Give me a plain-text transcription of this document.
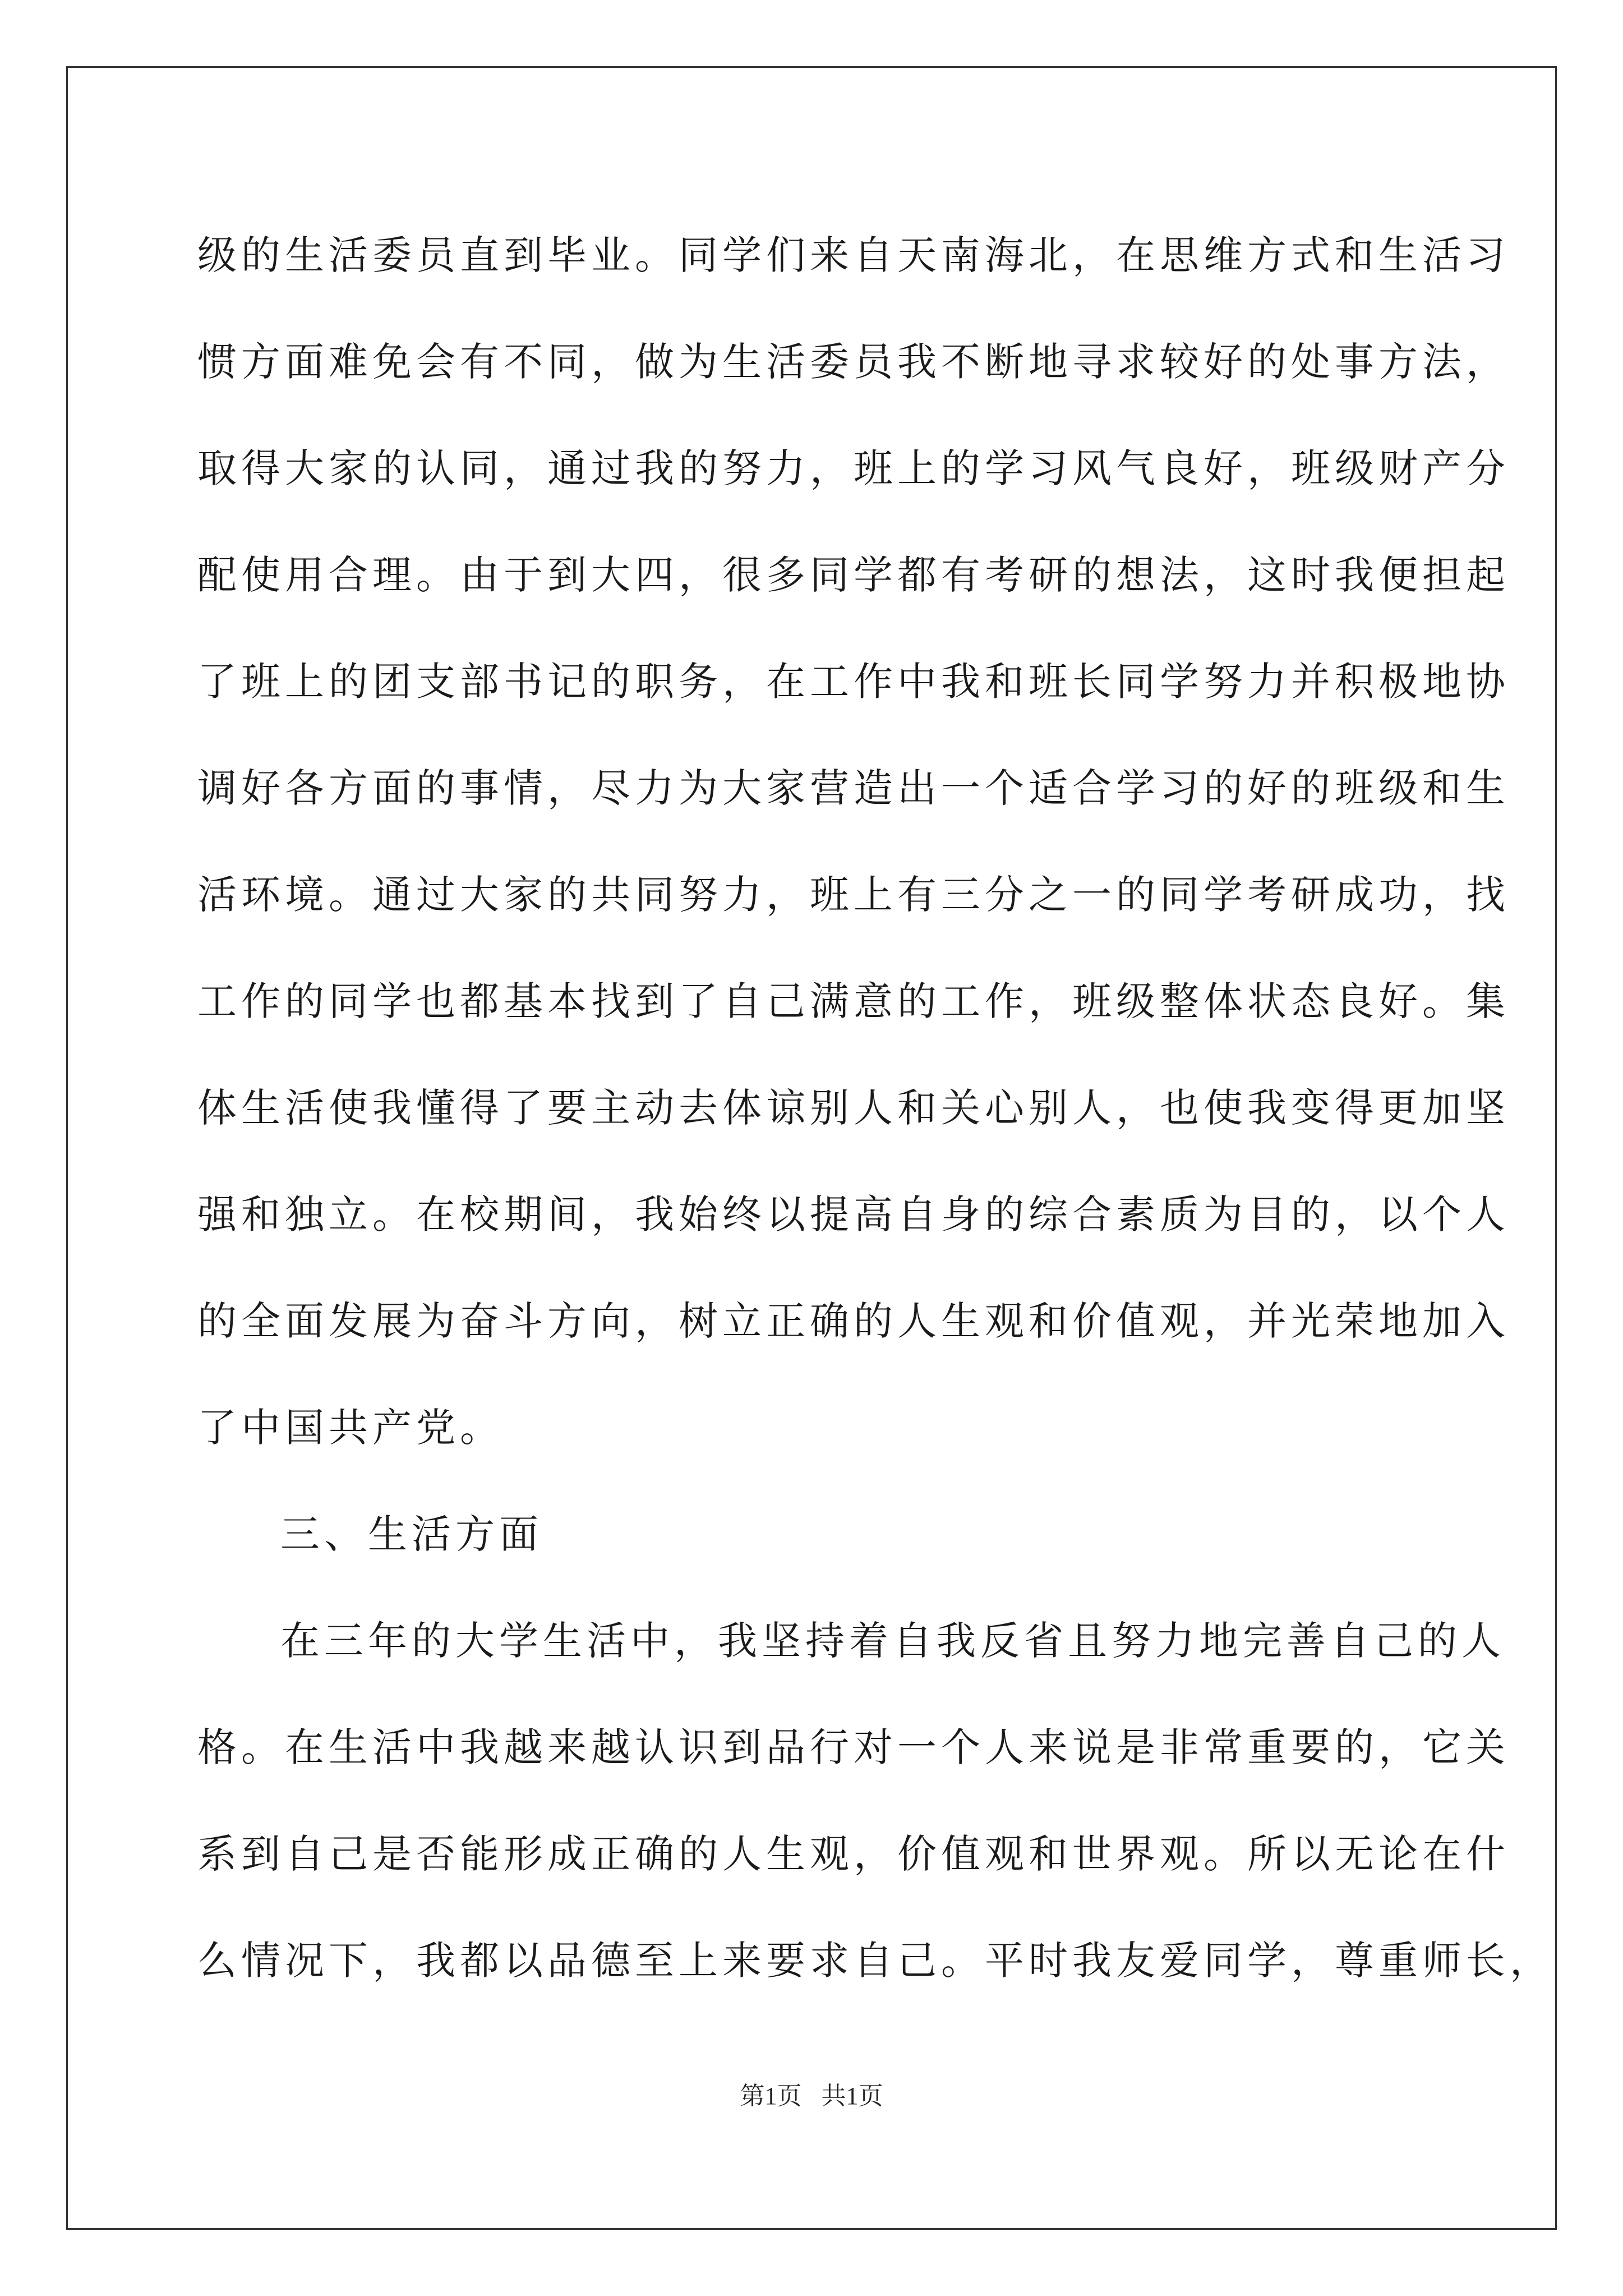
级的生活委员直到毕业。同学们来自天南海北，在思维方式和生活习
惯方面难免会有不同，做为生活委员我不断地寻求较好的处事方法，
取得大家的认同，通过我的努力，班上的学习风气良好，班级财产分
配使用合理。由于到大四，很多同学都有考研的想法，这时我便担起
了班上的团支部书记的职务，在工作中我和班长同学努力并积极地协
调好各方面的事情，尽力为大家营造出一个适合学习的好的班级和生
活环境。通过大家的共同努力，班上有三分之一的同学考研成功，找
工作的同学也都基本找到了自己满意的工作，班级整体状态良好。集
体生活使我懂得了要主动去体谅别人和关心别人，也使我变得更加坚
强和独立。在校期间，我始终以提高自身的综合素质为目的，以个人
的全面发展为奋斗方向，树立正确的人生观和价值观，并光荣地加入
了中国共产党。
三、生活方面
在三年的大学生活中，我坚持着自我反省且努力地完善自己的人
格。在生活中我越来越认识到品行对一个人来说是非常重要的，它关
系到自己是否能形成正确的人生观，价值观和世界观。所以无论在什
么情况下，我都以品德至上来要求自己。平时我友爱同学，尊重师长，
第1页 共1页
